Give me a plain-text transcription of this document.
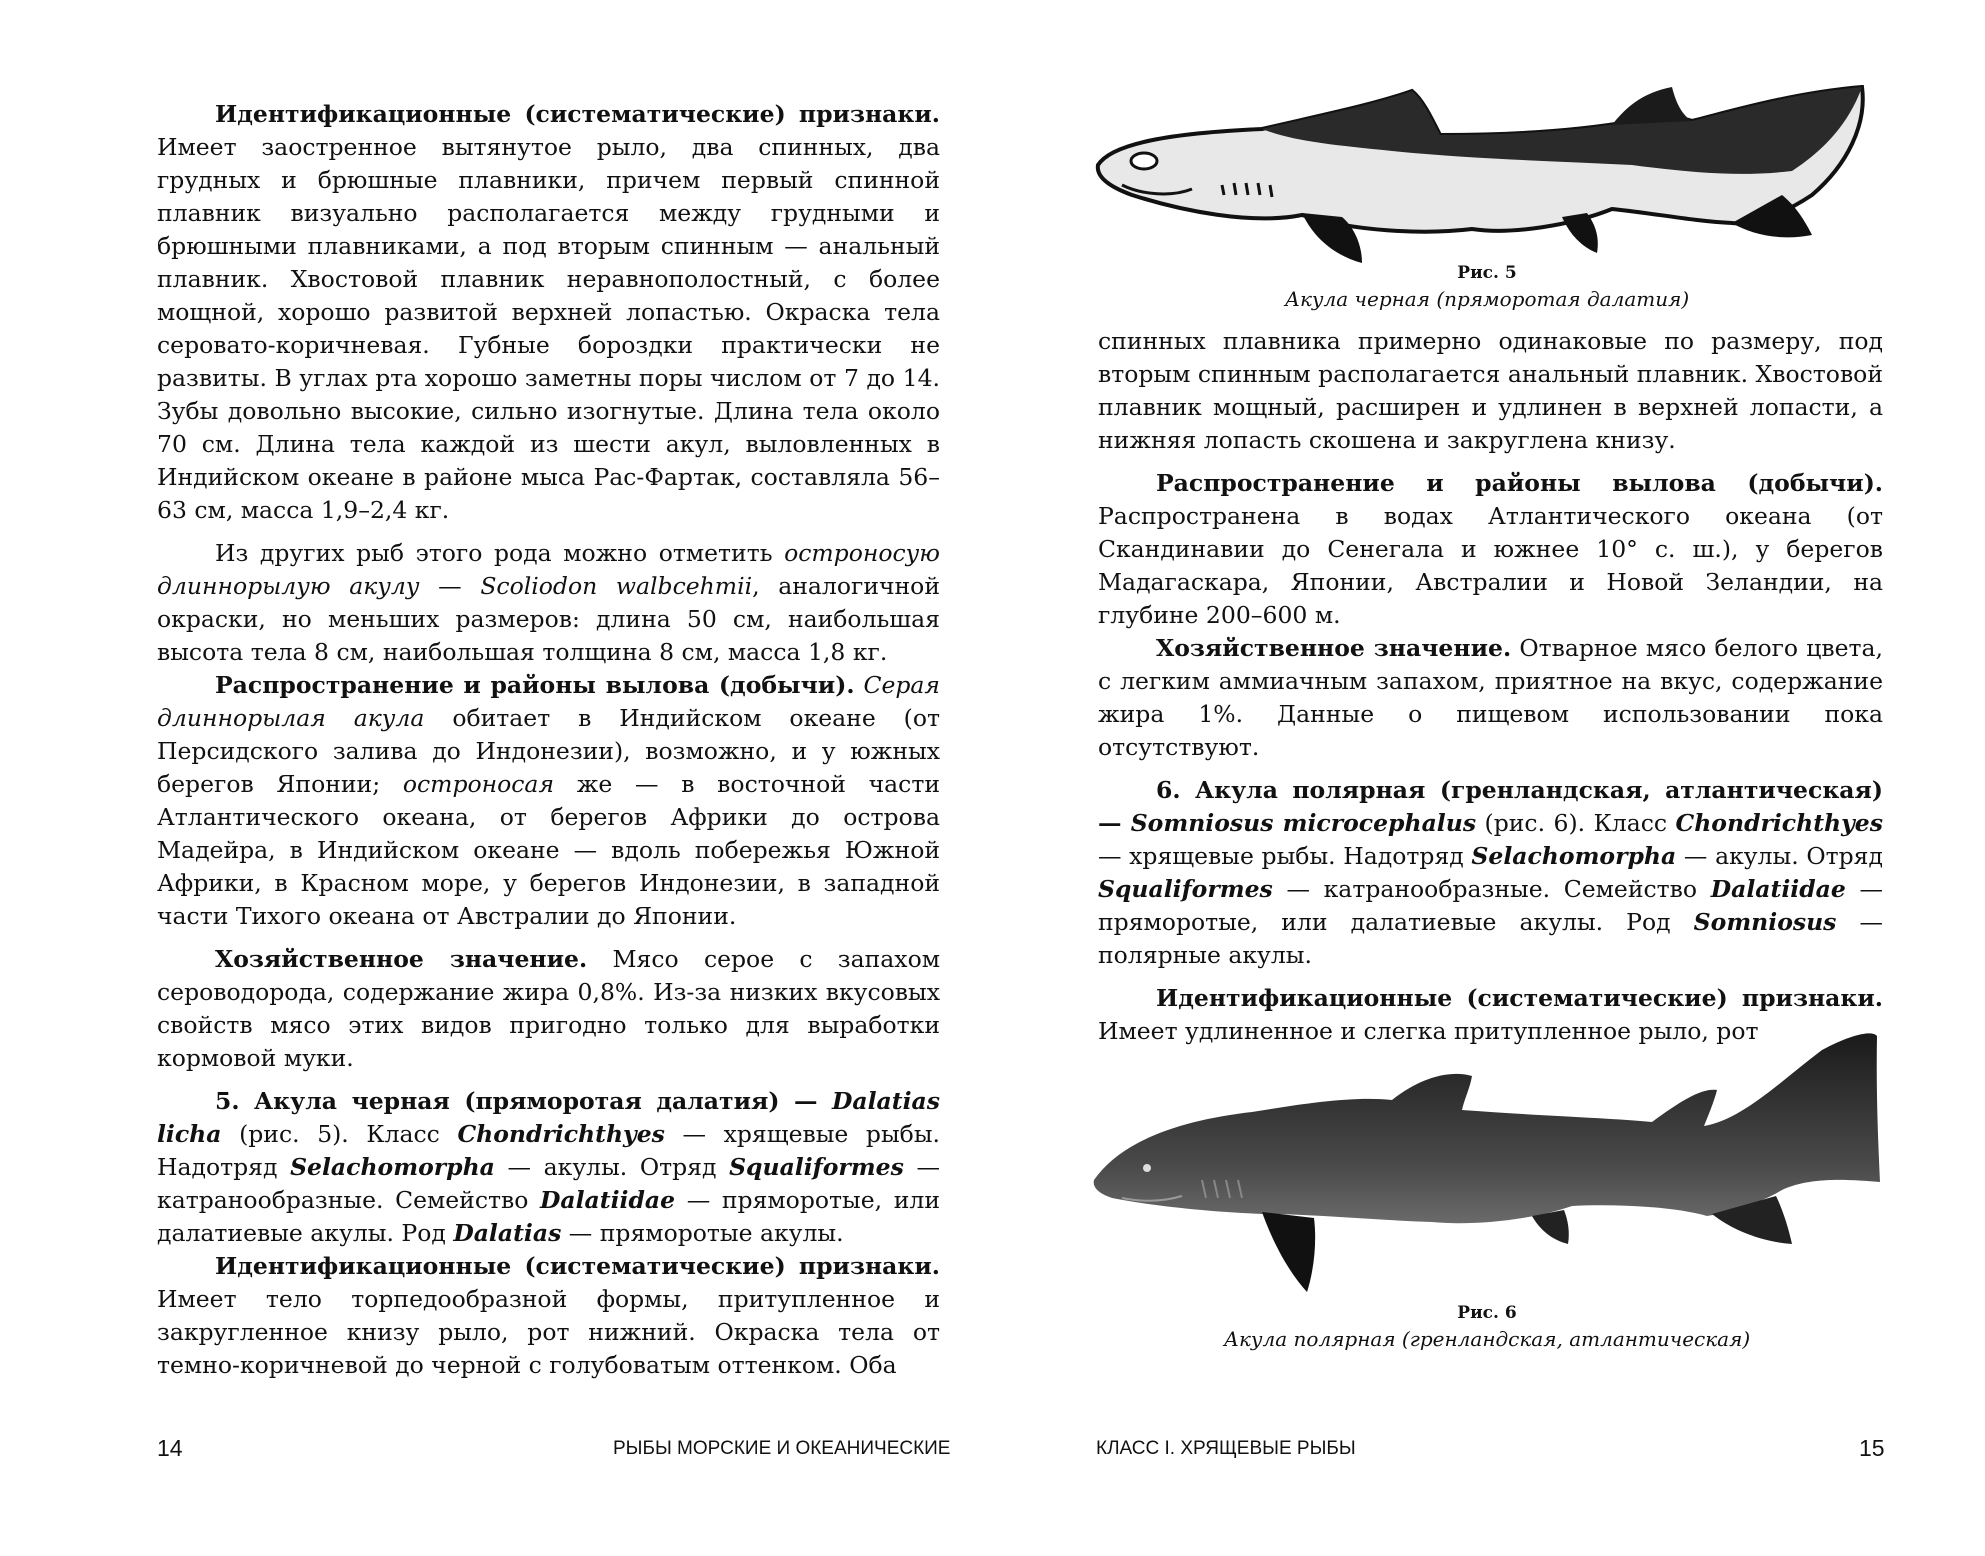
Идентификационные (систематические) признаки. Имеет заостренное вытянутое рыло, два спинных, два грудных и брюшные плавники, причем первый спинной плавник визуально располагается между грудными и брюшными плавниками, а под вторым спинным — анальный плавник. Хвостовой плавник неравнополостный, с более мощной, хорошо развитой верхней лопастью. Окраска тела серовато-коричневая. Губные бороздки практически не развиты. В углах рта хорошо заметны поры числом от 7 до 14. Зубы довольно высокие, сильно изогнутые. Длина тела около 70 см. Длина тела каждой из шести акул, выловленных в Индийском океане в районе мыса Рас-Фартак, составляла 56–63 см, масса 1,9–2,4 кг.

Из других рыб этого рода можно отметить остроносую длиннорылую акулу — Scoliodon walbcehmii, аналогичной окраски, но меньших размеров: длина 50 см, наибольшая высота тела 8 см, наибольшая толщина 8 см, масса 1,8 кг.

Распространение и районы вылова (добычи). Серая длиннорылая акула обитает в Индийском океане (от Персидского залива до Индонезии), возможно, и у южных берегов Японии; остроносая же — в восточной части Атлантического океана, от берегов Африки до острова Мадейра, в Индийском океане — вдоль побережья Южной Африки, в Красном море, у берегов Индонезии, в западной части Тихого океана от Австралии до Японии.

Хозяйственное значение. Мясо серое с запахом сероводорода, содержание жира 0,8%. Из-за низких вкусовых свойств мясо этих видов пригодно только для выработки кормовой муки.

5. Акула черная (пряморотая далатия) — Dalatias licha (рис. 5). Класс Chondrichthyes — хрящевые рыбы. Надотряд Selachomorpha — акулы. Отряд Squaliformes — катранообразные. Семейство Dalatiidae — пряморотые, или далатиевые акулы. Род Dalatias — пряморотые акулы.

Идентификационные (систематические) признаки. Имеет тело торпедообразной формы, притупленное и закругленное книзу рыло, рот нижний. Окраска тела от темно-коричневой до черной с голубоватым оттенком. Оба

14	РЫБЫ МОРСКИЕ И ОКЕАНИЧЕСКИЕ
Рис. 5
Акула черная (пряморотая далатия)

спинных плавника примерно одинаковые по размеру, под вторым спинным располагается анальный плавник. Хвостовой плавник мощный, расширен и удлинен в верхней лопасти, а нижняя лопасть скошена и закруглена книзу.

Распространение и районы вылова (добычи). Распространена в водах Атлантического океана (от Скандинавии до Сенегала и южнее 10° с. ш.), у берегов Мадагаскара, Японии, Австралии и Новой Зеландии, на глубине 200–600 м.

Хозяйственное значение. Отварное мясо белого цвета, с легким аммиачным запахом, приятное на вкус, содержание жира 1%. Данные о пищевом использовании пока отсутствуют.

6. Акула полярная (гренландская, атлантическая) — Somniosus microcephalus (рис. 6). Класс Chondrichthyes — хрящевые рыбы. Надотряд Selachomorpha — акулы. Отряд Squaliformes — катранообразные. Семейство Dalatiidae — пряморотые, или далатиевые акулы. Род Somniosus — полярные акулы.

Идентификационные (систематические) признаки. Имеет удлиненное и слегка притупленное рыло, рот

Рис. 6
Акула полярная (гренландская, атлантическая)
КЛАСС I. ХРЯЩЕВЫЕ РЫБЫ	15
